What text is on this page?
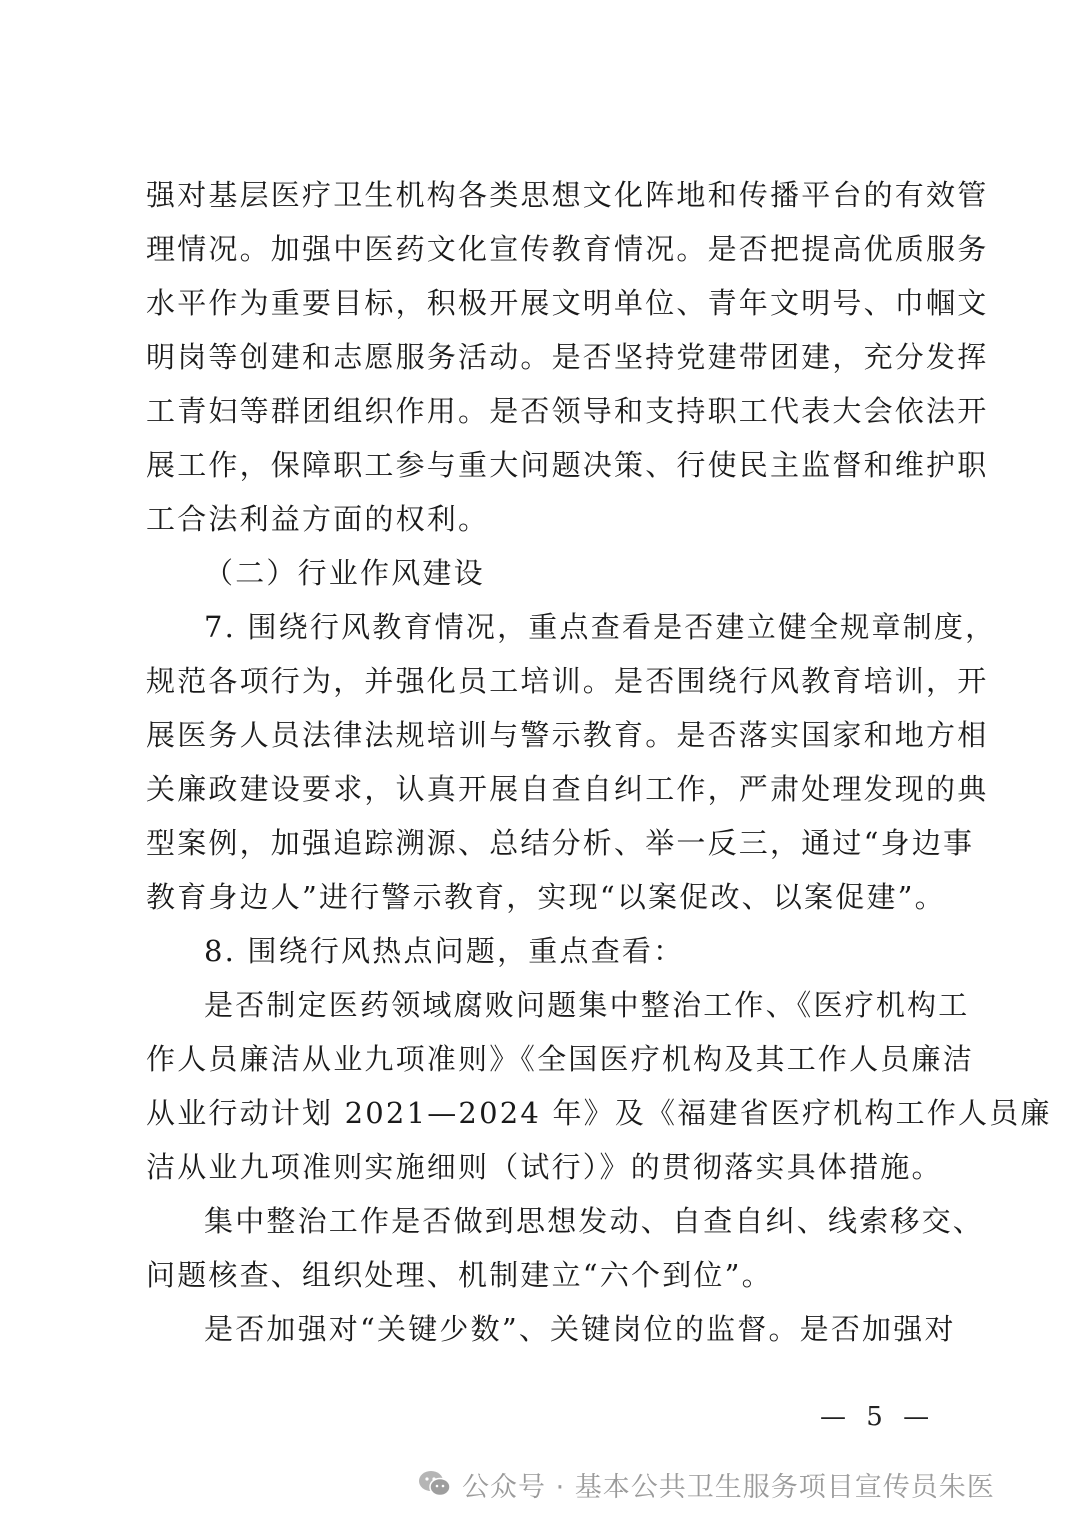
强对基层医疗卫生机构各类思想文化阵地和传播平台的有效管
理情况。加强中医药文化宣传教育情况。是否把提高优质服务
水平作为重要目标，积极开展文明单位、青年文明号、巾帼文
明岗等创建和志愿服务活动。是否坚持党建带团建，充分发挥
工青妇等群团组织作用。是否领导和支持职工代表大会依法开
展工作，保障职工参与重大问题决策、行使民主监督和维护职
工合法利益方面的权利。
（二）行业作风建设
7. 围绕行风教育情况，重点查看是否建立健全规章制度，
规范各项行为，并强化员工培训。是否围绕行风教育培训，开
展医务人员法律法规培训与警示教育。是否落实国家和地方相
关廉政建设要求，认真开展自查自纠工作，严肃处理发现的典
型案例，加强追踪溯源、总结分析、举一反三，通过“身边事
教育身边人”进行警示教育，实现“以案促改、以案促建”。
8. 围绕行风热点问题，重点查看：
是否制定医药领域腐败问题集中整治工作、《医疗机构工
作人员廉洁从业九项准则》《全国医疗机构及其工作人员廉洁
从业行动计划 2021—2024 年》及《福建省医疗机构工作人员廉
洁从业九项准则实施细则（试行）》的贯彻落实具体措施。
集中整治工作是否做到思想发动、自查自纠、线索移交、
问题核查、组织处理、机制建立“六个到位”。
是否加强对“关键少数”、关键岗位的监督。是否加强对
— 5 —
公众号 · 基本公共卫生服务项目宣传员朱医
